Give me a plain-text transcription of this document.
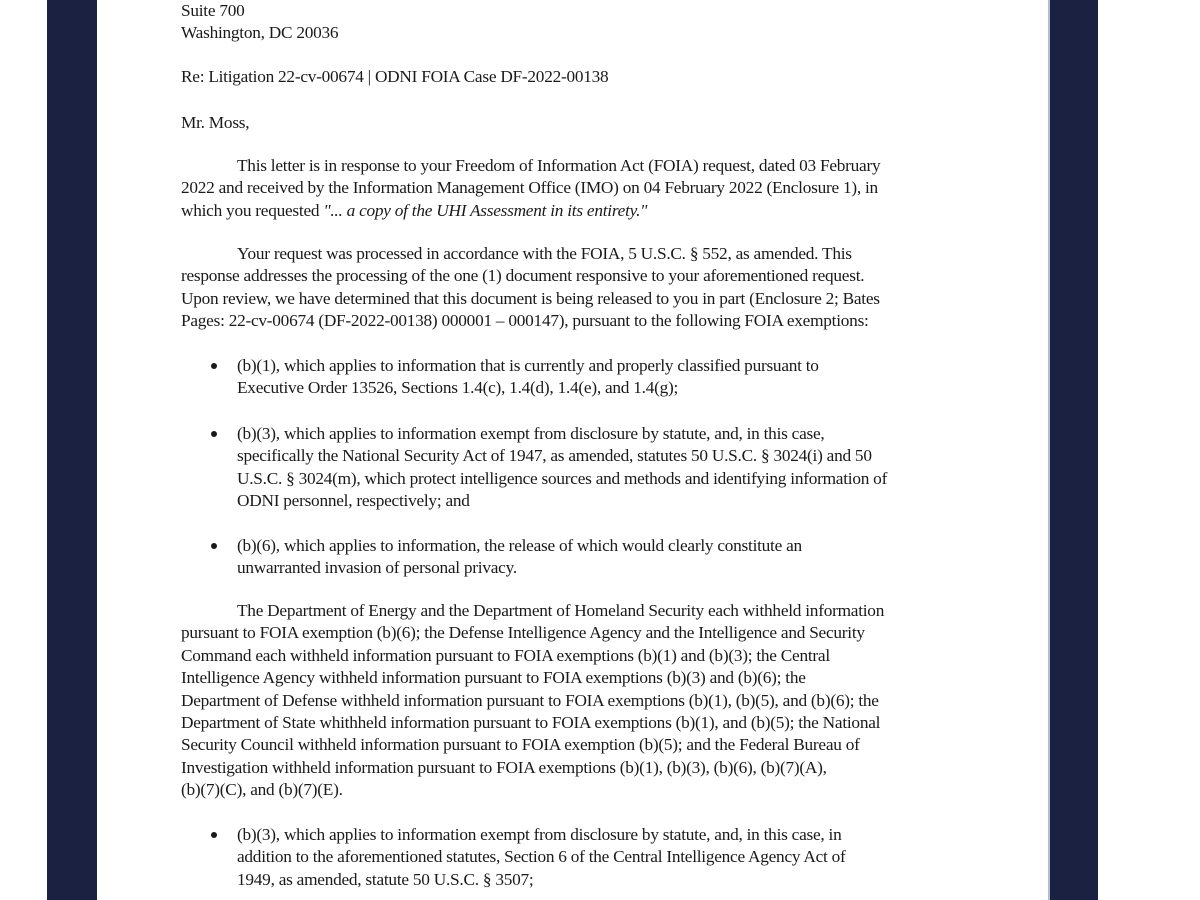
Suite 700
Washington, DC 20036
Re: Litigation 22-cv-00674 | ODNI FOIA Case DF-2022-00138
Mr. Moss,
This letter is in response to your Freedom of Information Act (FOIA) request, dated 03 February
2022 and received by the Information Management Office (IMO) on 04 February 2022 (Enclosure 1), in
which you requested "... a copy of the UHI Assessment in its entirety."
Your request was processed in accordance with the FOIA, 5 U.S.C. § 552, as amended. This
response addresses the processing of the one (1) document responsive to your aforementioned request.
Upon review, we have determined that this document is being released to you in part (Enclosure 2; Bates
Pages: 22-cv-00674 (DF-2022-00138) 000001 – 000147), pursuant to the following FOIA exemptions:
(b)(1), which applies to information that is currently and properly classified pursuant to
Executive Order 13526, Sections 1.4(c), 1.4(d), 1.4(e), and 1.4(g);
(b)(3), which applies to information exempt from disclosure by statute, and, in this case,
specifically the National Security Act of 1947, as amended, statutes 50 U.S.C. § 3024(i) and 50
U.S.C. § 3024(m), which protect intelligence sources and methods and identifying information of
ODNI personnel, respectively; and
(b)(6), which applies to information, the release of which would clearly constitute an
unwarranted invasion of personal privacy.
The Department of Energy and the Department of Homeland Security each withheld information
pursuant to FOIA exemption (b)(6); the Defense Intelligence Agency and the Intelligence and Security
Command each withheld information pursuant to FOIA exemptions (b)(1) and (b)(3); the Central
Intelligence Agency withheld information pursuant to FOIA exemptions (b)(3) and (b)(6); the
Department of Defense withheld information pursuant to FOIA exemptions (b)(1), (b)(5), and (b)(6); the
Department of State whithheld information pursuant to FOIA exemptions (b)(1), and (b)(5); the National
Security Council withheld information pursuant to FOIA exemption (b)(5); and the Federal Bureau of
Investigation withheld information pursuant to FOIA exemptions (b)(1), (b)(3), (b)(6), (b)(7)(A),
(b)(7)(C), and (b)(7)(E).
(b)(3), which applies to information exempt from disclosure by statute, and, in this case, in
addition to the aforementioned statutes, Section 6 of the Central Intelligence Agency Act of
1949, as amended, statute 50 U.S.C. § 3507;
